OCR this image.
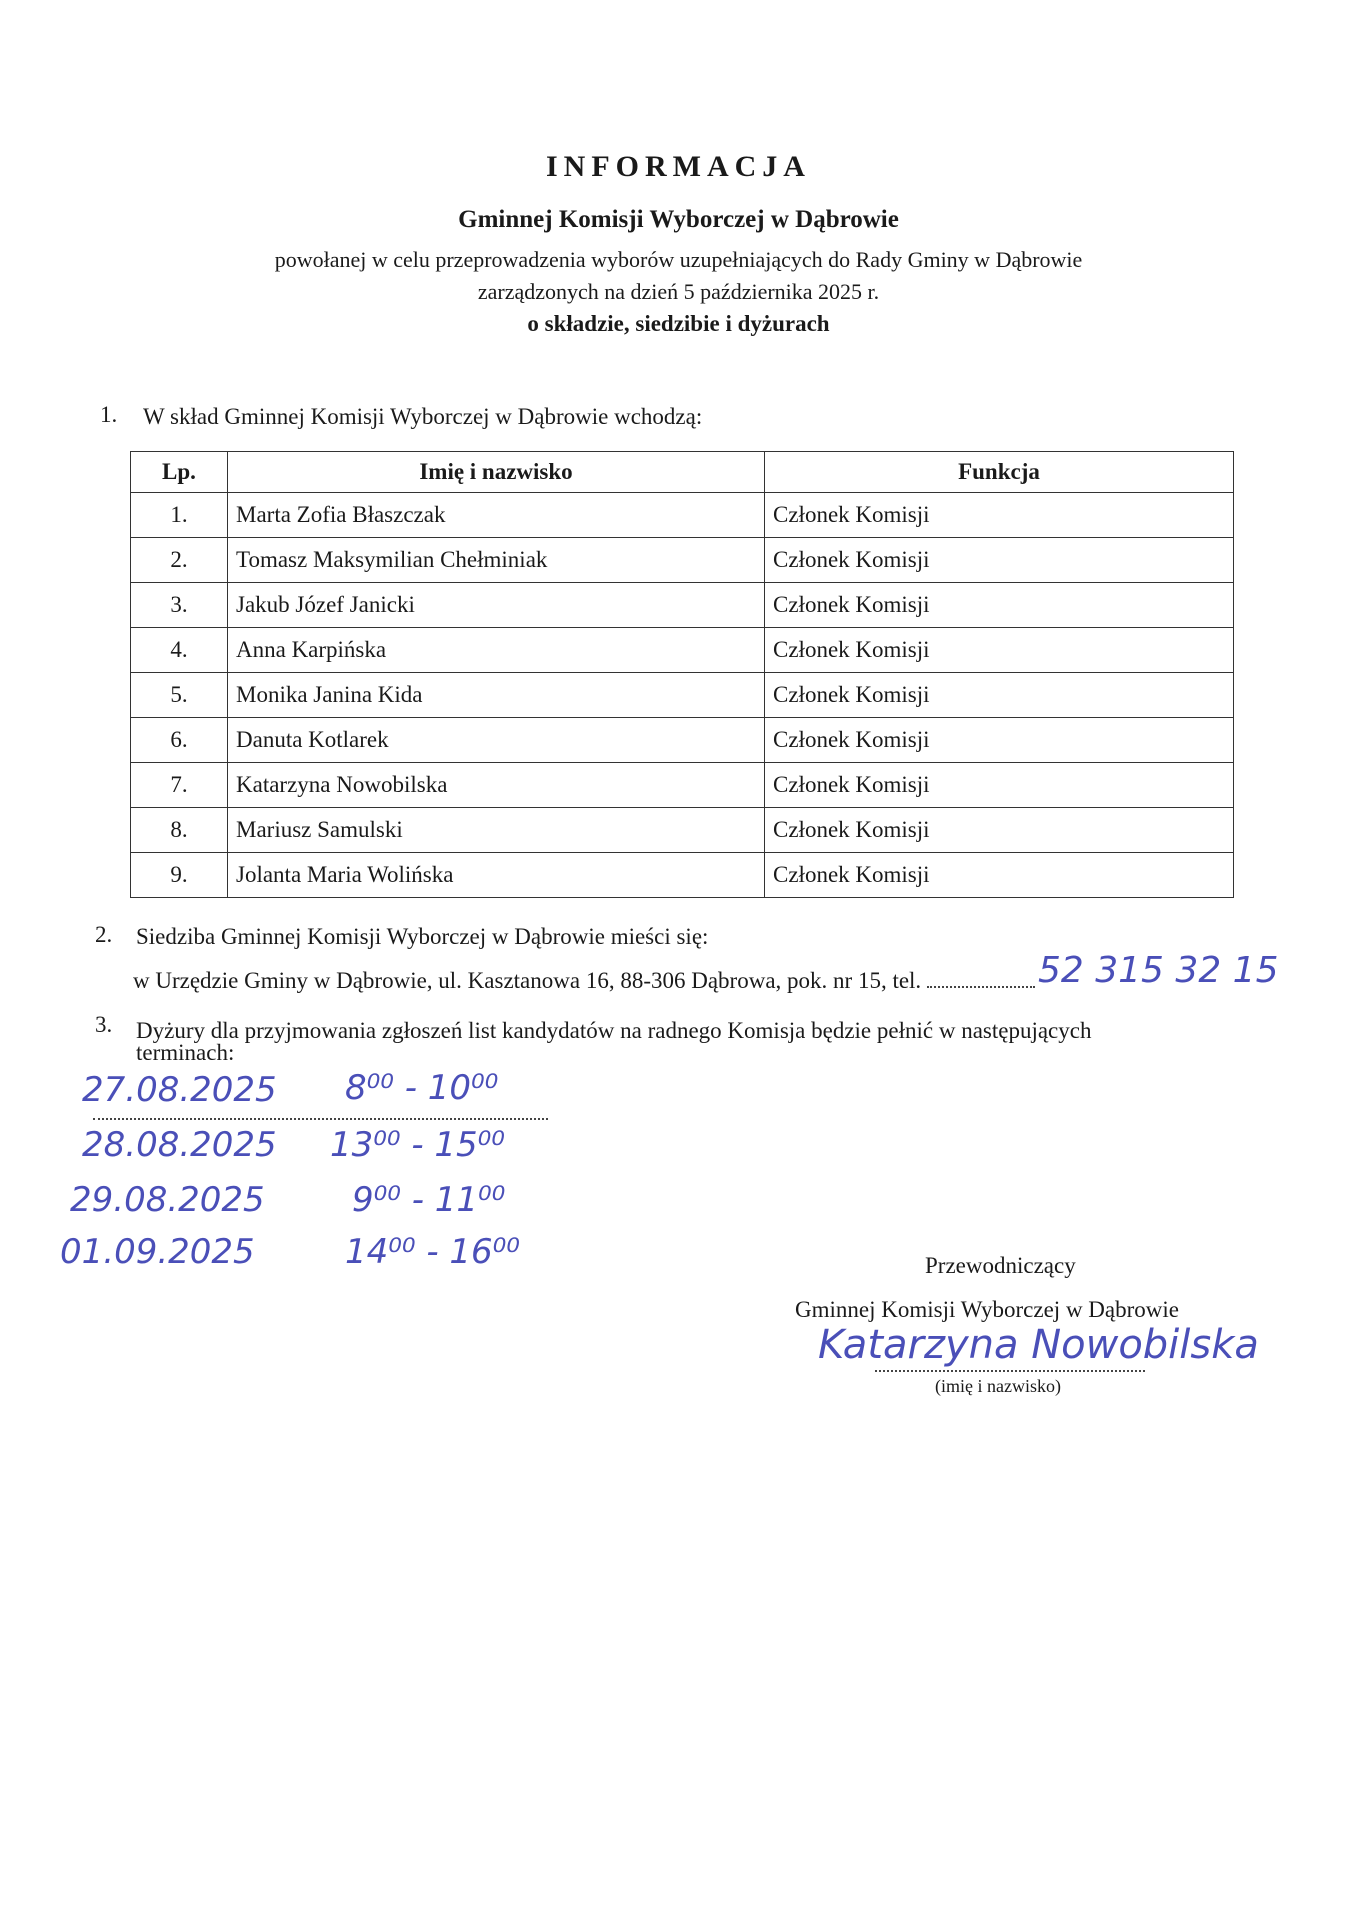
INFORMACJA
Gminnej Komisji Wyborczej w Dąbrowie
powołanej w celu przeprowadzenia wyborów uzupełniających do Rady Gminy w Dąbrowie
zarządzonych na dzień 5 października 2025 r.
o składzie, siedzibie i dyżurach
1. W skład Gminnej Komisji Wyborczej w Dąbrowie wchodzą:
Lp.	Imię i nazwisko	Funkcja
1.	Marta Zofia Błaszczak	Członek Komisji
2.	Tomasz Maksymilian Chełminiak	Członek Komisji
3.	Jakub Józef Janicki	Członek Komisji
4.	Anna Karpińska	Członek Komisji
5.	Monika Janina Kida	Członek Komisji
6.	Danuta Kotlarek	Członek Komisji
7.	Katarzyna Nowobilska	Członek Komisji
8.	Mariusz Samulski	Członek Komisji
9.	Jolanta Maria Wolińska	Członek Komisji
2. Siedziba Gminnej Komisji Wyborczej w Dąbrowie mieści się:
w Urzędzie Gminy w Dąbrowie, ul. Kasztanowa 16, 88-306 Dąbrowa, pok. nr 15, tel.	52 315 32 15
3. Dyżury dla przyjmowania zgłoszeń list kandydatów na radnego Komisja będzie pełnić w następujących
terminach:
27.08.2025 8⁰⁰ - 10⁰⁰
28.08.2025 13⁰⁰ - 15⁰⁰
29.08.2025	9⁰⁰ - 11⁰⁰
01.09.2025	14⁰⁰ - 16⁰⁰	Przewodniczący
Gminnej Komisji Wyborczej w Dąbrowie
Katarzyna Nowobilska
(imię i nazwisko)
